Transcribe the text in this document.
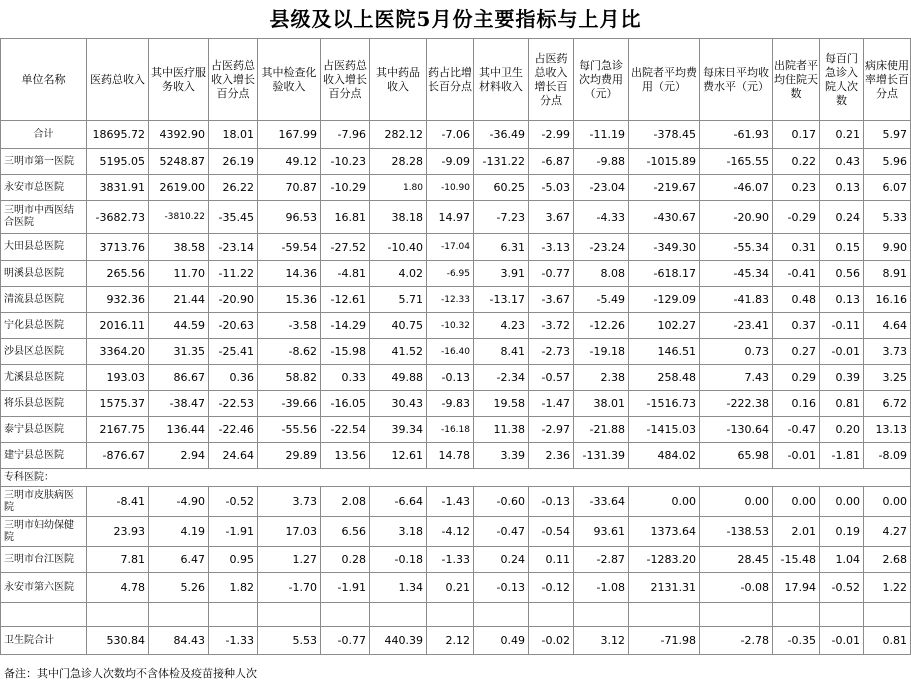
县级及以上医院5月份主要指标与上月比
单位名称	医药总收入	其中医疗服务收入	占医药总收入增长百分点	其中检查化验收入	占医药总收入增长百分点	其中药品收入	药占比增长百分点	其中卫生材料收入	占医药总收入增长百分点	每门急诊次均费用（元）	出院者平均费用（元）	每床日平均收费水平（元）	出院者平均住院天数	每百门急诊入院人次数	病床使用率增长百分点
合计	18695.72	4392.90	18.01	167.99	-7.96	282.12	-7.06	-36.49	-2.99	-11.19	-378.45	-61.93	0.17	0.21	5.97
三明市第一医院	5195.05	5248.87	26.19	49.12	-10.23	28.28	-9.09	-131.22	-6.87	-9.88	-1015.89	-165.55	0.22	0.43	5.96
永安市总医院	3831.91	2619.00	26.22	70.87	-10.29	1.80	-10.90	60.25	-5.03	-23.04	-219.67	-46.07	0.23	0.13	6.07
三明市中西医结合医院	-3682.73	-3810.22	-35.45	96.53	16.81	38.18	14.97	-7.23	3.67	-4.33	-430.67	-20.90	-0.29	0.24	5.33
大田县总医院	3713.76	38.58	-23.14	-59.54	-27.52	-10.40	-17.04	6.31	-3.13	-23.24	-349.30	-55.34	0.31	0.15	9.90
明溪县总医院	265.56	11.70	-11.22	14.36	-4.81	4.02	-6.95	3.91	-0.77	8.08	-618.17	-45.34	-0.41	0.56	8.91
清流县总医院	932.36	21.44	-20.90	15.36	-12.61	5.71	-12.33	-13.17	-3.67	-5.49	-129.09	-41.83	0.48	0.13	16.16
宁化县总医院	2016.11	44.59	-20.63	-3.58	-14.29	40.75	-10.32	4.23	-3.72	-12.26	102.27	-23.41	0.37	-0.11	4.64
沙县区总医院	3364.20	31.35	-25.41	-8.62	-15.98	41.52	-16.40	8.41	-2.73	-19.18	146.51	0.73	0.27	-0.01	3.73
尤溪县总医院	193.03	86.67	0.36	58.82	0.33	49.88	-0.13	-2.34	-0.57	2.38	258.48	7.43	0.29	0.39	3.25
将乐县总医院	1575.37	-38.47	-22.53	-39.66	-16.05	30.43	-9.83	19.58	-1.47	38.01	-1516.73	-222.38	0.16	0.81	6.72
泰宁县总医院	2167.75	136.44	-22.46	-55.56	-22.54	39.34	-16.18	11.38	-2.97	-21.88	-1415.03	-130.64	-0.47	0.20	13.13
建宁县总医院	-876.67	2.94	24.64	29.89	13.56	12.61	14.78	3.39	2.36	-131.39	484.02	65.98	-0.01	-1.81	-8.09
专科医院：															
三明市皮肤病医院	-8.41	-4.90	-0.52	3.73	2.08	-6.64	-1.43	-0.60	-0.13	-33.64	0.00	0.00	0.00	0.00	0.00
三明市妇幼保健院	23.93	4.19	-1.91	17.03	6.56	3.18	-4.12	-0.47	-0.54	93.61	1373.64	-138.53	2.01	0.19	4.27
三明市台江医院	7.81	6.47	0.95	1.27	0.28	-0.18	-1.33	0.24	0.11	-2.87	-1283.20	28.45	-15.48	1.04	2.68
永安市第六医院	4.78	5.26	1.82	-1.70	-1.91	1.34	0.21	-0.13	-0.12	-1.08	2131.31	-0.08	17.94	-0.52	1.22

卫生院合计	530.84	84.43	-1.33	5.53	-0.77	440.39	2.12	0.49	-0.02	3.12	-71.98	-2.78	-0.35	-0.01	0.81
备注：其中门急诊人次数均不含体检及疫苗接种人次
